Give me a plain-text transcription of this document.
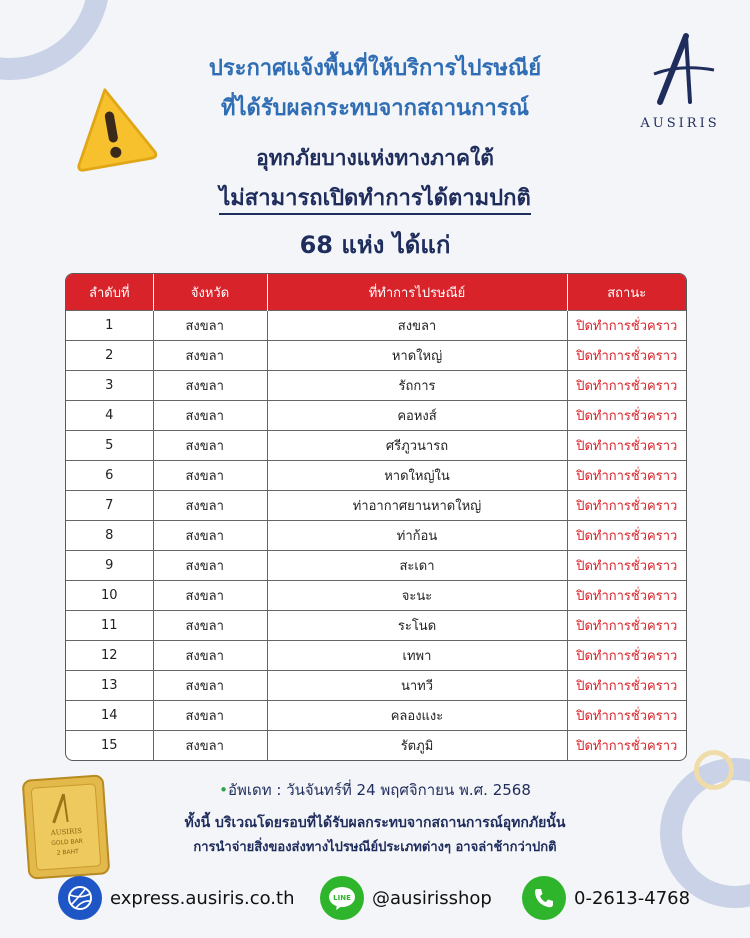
A
AUSIRIS
ประกาศแจ้งพื้นที่ให้บริการไปรษณีย์
ที่ได้รับผลกระทบจากสถานการณ์
อุทกภัยบางแห่งทางภาคใต้
ไม่สามารถเปิดทำการได้ตามปกติ
68 แห่ง ได้แก่
ลำดับที่	จังหวัด	ที่ทำการไปรษณีย์	สถานะ
1	สงขลา	สงขลา	ปิดทำการชั่วคราว
2	สงขลา	หาดใหญ่	ปิดทำการชั่วคราว
3	สงขลา	รัถการ	ปิดทำการชั่วคราว
4	สงขลา	คอหงส์	ปิดทำการชั่วคราว
5	สงขลา	ศรีภูวนารถ	ปิดทำการชั่วคราว
6	สงขลา	หาดใหญ่ใน	ปิดทำการชั่วคราว
7	สงขลา	ท่าอากาศยานหาดใหญ่	ปิดทำการชั่วคราว
8	สงขลา	ท่าก้อน	ปิดทำการชั่วคราว
9	สงขลา	สะเดา	ปิดทำการชั่วคราว
10	สงขลา	จะนะ	ปิดทำการชั่วคราว
11	สงขลา	ระโนด	ปิดทำการชั่วคราว
12	สงขลา	เทพา	ปิดทำการชั่วคราว
13	สงขลา	นาทวี	ปิดทำการชั่วคราว
14	สงขลา	คลองแงะ	ปิดทำการชั่วคราว
15	สงขลา	รัตภูมิ	ปิดทำการชั่วคราว
•อัพเดท : วันจันทร์ที่ 24 พฤศจิกายน พ.ศ. 2568
ทั้งนี้ บริเวณโดยรอบที่ได้รับผลกระทบจากสถานการณ์อุทกภัยนั้น
การนำจ่ายสิ่งของส่งทางไปรษณีย์ประเภทต่างๆ อาจล่าช้ากว่าปกติ
AUSIRIS
GOLD BAR
2 BAHT
express.ausiris.co.th	LINE @ausirisshop	0-2613-4768
